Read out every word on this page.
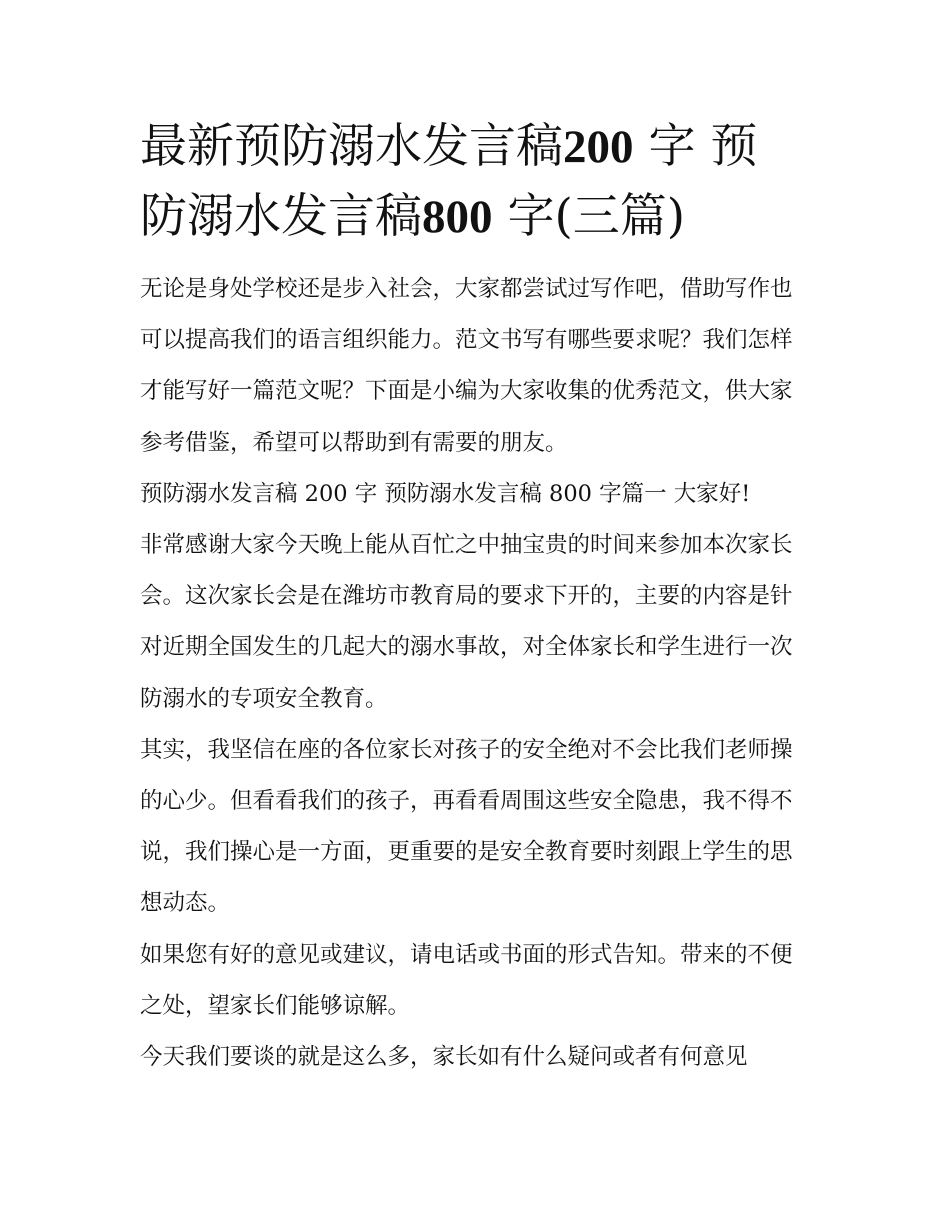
最新预防溺水发言稿200 字 预
防溺水发言稿800 字(三篇)

无论是身处学校还是步入社会，大家都尝试过写作吧，借助写作也可以提高我们的语言组织能力。范文书写有哪些要求呢？我们怎样才能写好一篇范文呢？下面是小编为大家收集的优秀范文，供大家参考借鉴，希望可以帮助到有需要的朋友。

预防溺水发言稿 200 字 预防溺水发言稿 800 字篇一 大家好!

非常感谢大家今天晚上能从百忙之中抽宝贵的时间来参加本次家长会。这次家长会是在潍坊市教育局的要求下开的，主要的内容是针对近期全国发生的几起大的溺水事故，对全体家长和学生进行一次防溺水的专项安全教育。

其实，我坚信在座的各位家长对孩子的安全绝对不会比我们老师操的心少。但看看我们的孩子，再看看周围这些安全隐患，我不得不说，我们操心是一方面，更重要的是安全教育要时刻跟上学生的思想动态。

如果您有好的意见或建议，请电话或书面的形式告知。带来的不便之处，望家长们能够谅解。

今天我们要谈的就是这么多，家长如有什么疑问或者有何意见
